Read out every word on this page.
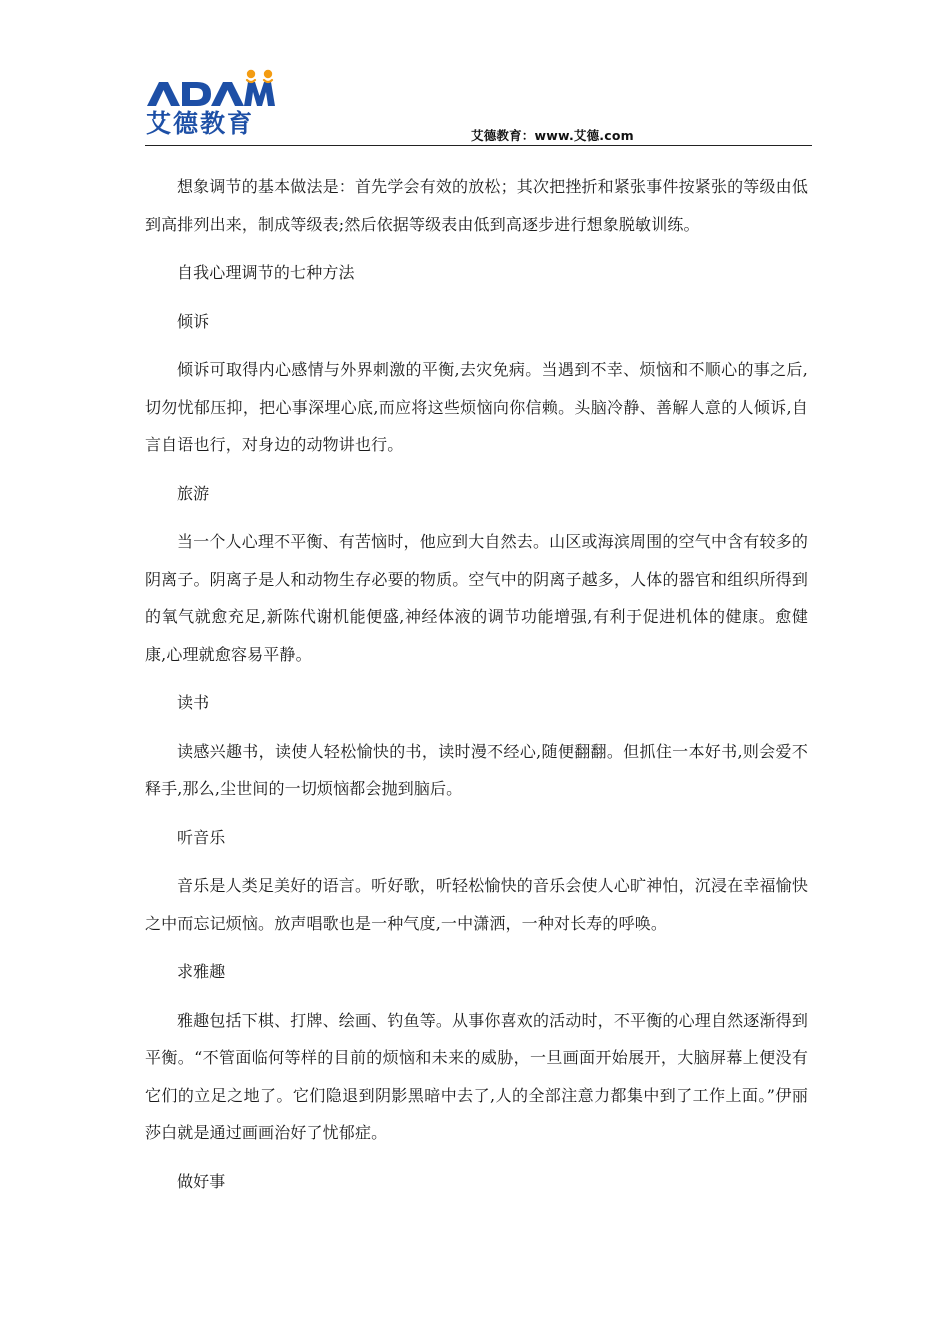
艾德教育	艾德教育：www.艾德.com

想象调节的基本做法是：首先学会有效的放松；其次把挫折和紧张事件按紧张的等级由低到高排列出来，制成等级表;然后依据等级表由低到高逐步进行想象脱敏训练。

自我心理调节的七种方法

倾诉

倾诉可取得内心感情与外界刺激的平衡,去灾免病。当遇到不幸、烦恼和不顺心的事之后,切勿忧郁压抑，把心事深埋心底,而应将这些烦恼向你信赖。头脑冷静、善解人意的人倾诉,自言自语也行，对身边的动物讲也行。

旅游

当一个人心理不平衡、有苦恼时，他应到大自然去。山区或海滨周围的空气中含有较多的阴离子。阴离子是人和动物生存必要的物质。空气中的阴离子越多，人体的器官和组织所得到的氧气就愈充足,新陈代谢机能便盛,神经体液的调节功能增强,有利于促进机体的健康。愈健康,心理就愈容易平静。

读书

读感兴趣书，读使人轻松愉快的书，读时漫不经心,随便翻翻。但抓住一本好书,则会爱不释手,那么,尘世间的一切烦恼都会抛到脑后。

听音乐

音乐是人类足美好的语言。听好歌，听轻松愉快的音乐会使人心旷神怕，沉浸在幸福愉快之中而忘记烦恼。放声唱歌也是一种气度,一中潇洒，一种对长寿的呼唤。

求雅趣

雅趣包括下棋、打牌、绘画、钓鱼等。从事你喜欢的活动时，不平衡的心理自然逐渐得到平衡。“不管面临何等样的目前的烦恼和未来的威胁，一旦画面开始展开，大脑屏幕上便没有它们的立足之地了。它们隐退到阴影黑暗中去了,人的全部注意力都集中到了工作上面。”伊丽莎白就是通过画画治好了忧郁症。

做好事
